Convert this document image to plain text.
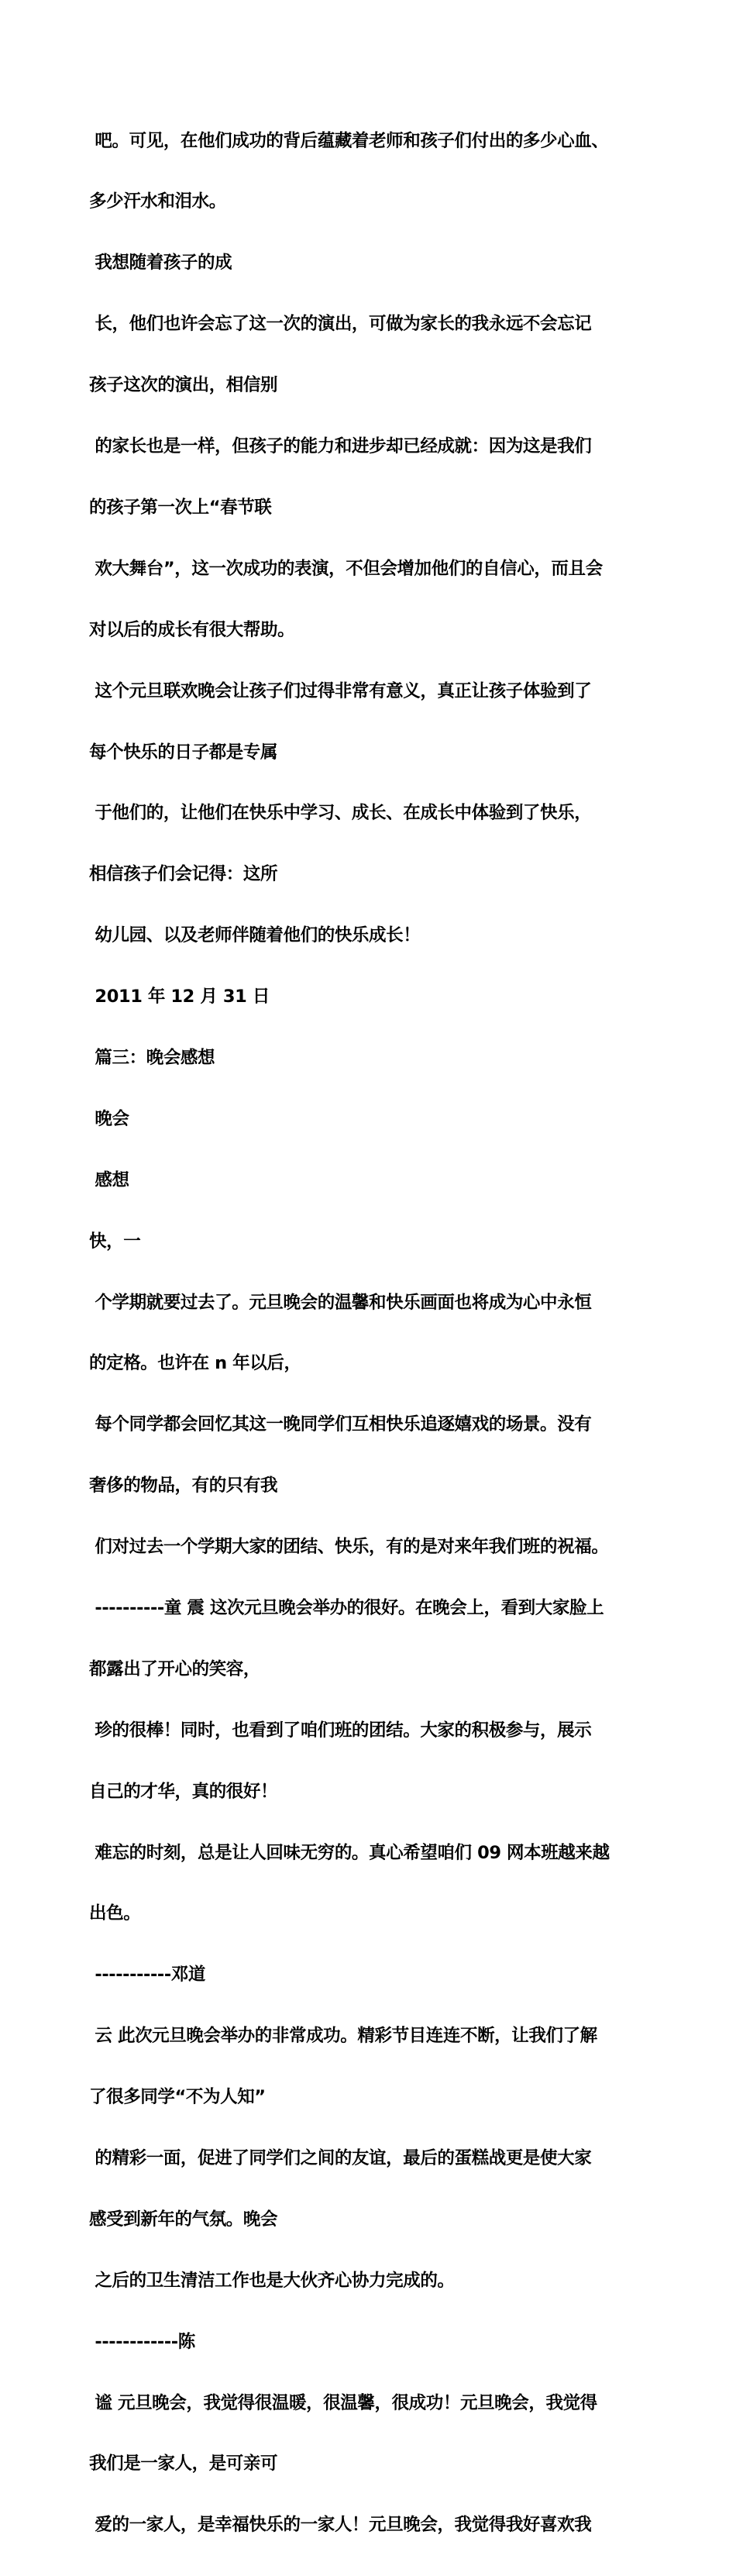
吧。可见，在他们成功的背后蕴藏着老师和孩子们付出的多少心血、

多少汗水和泪水。

我想随着孩子的成

长，他们也许会忘了这一次的演出，可做为家长的我永远不会忘记

孩子这次的演出，相信别

的家长也是一样，但孩子的能力和进步却已经成就：因为这是我们

的孩子第一次上“春节联

欢大舞台”，这一次成功的表演，不但会增加他们的自信心，而且会

对以后的成长有很大帮助。

这个元旦联欢晚会让孩子们过得非常有意义，真正让孩子体验到了

每个快乐的日子都是专属

于他们的，让他们在快乐中学习、成长、在成长中体验到了快乐，

相信孩子们会记得：这所

幼儿园、以及老师伴随着他们的快乐成长！

2011 年 12 月 31 日

篇三：晚会感想

晚会

感想

快，一

个学期就要过去了。元旦晚会的温馨和快乐画面也将成为心中永恒

的定格。也许在 n 年以后，

每个同学都会回忆其这一晚同学们互相快乐追逐嬉戏的场景。没有

奢侈的物品，有的只有我

们对过去一个学期大家的团结、快乐，有的是对来年我们班的祝福。

----------童 震 这次元旦晚会举办的很好。在晚会上，看到大家脸上

都露出了开心的笑容，

珍的很棒！同时，也看到了咱们班的团结。大家的积极参与，展示

自己的才华，真的很好！

难忘的时刻，总是让人回味无穷的。真心希望咱们 09 网本班越来越

出色。

-----------邓道

云 此次元旦晚会举办的非常成功。精彩节目连连不断，让我们了解

了很多同学“不为人知”

的精彩一面，促进了同学们之间的友谊，最后的蛋糕战更是使大家

感受到新年的气氛。晚会

之后的卫生清洁工作也是大伙齐心协力完成的。

------------陈

谧 元旦晚会，我觉得很温暖，很温馨，很成功！元旦晚会，我觉得

我们是一家人，是可亲可

爱的一家人，是幸福快乐的一家人！元旦晚会，我觉得我好喜欢我
